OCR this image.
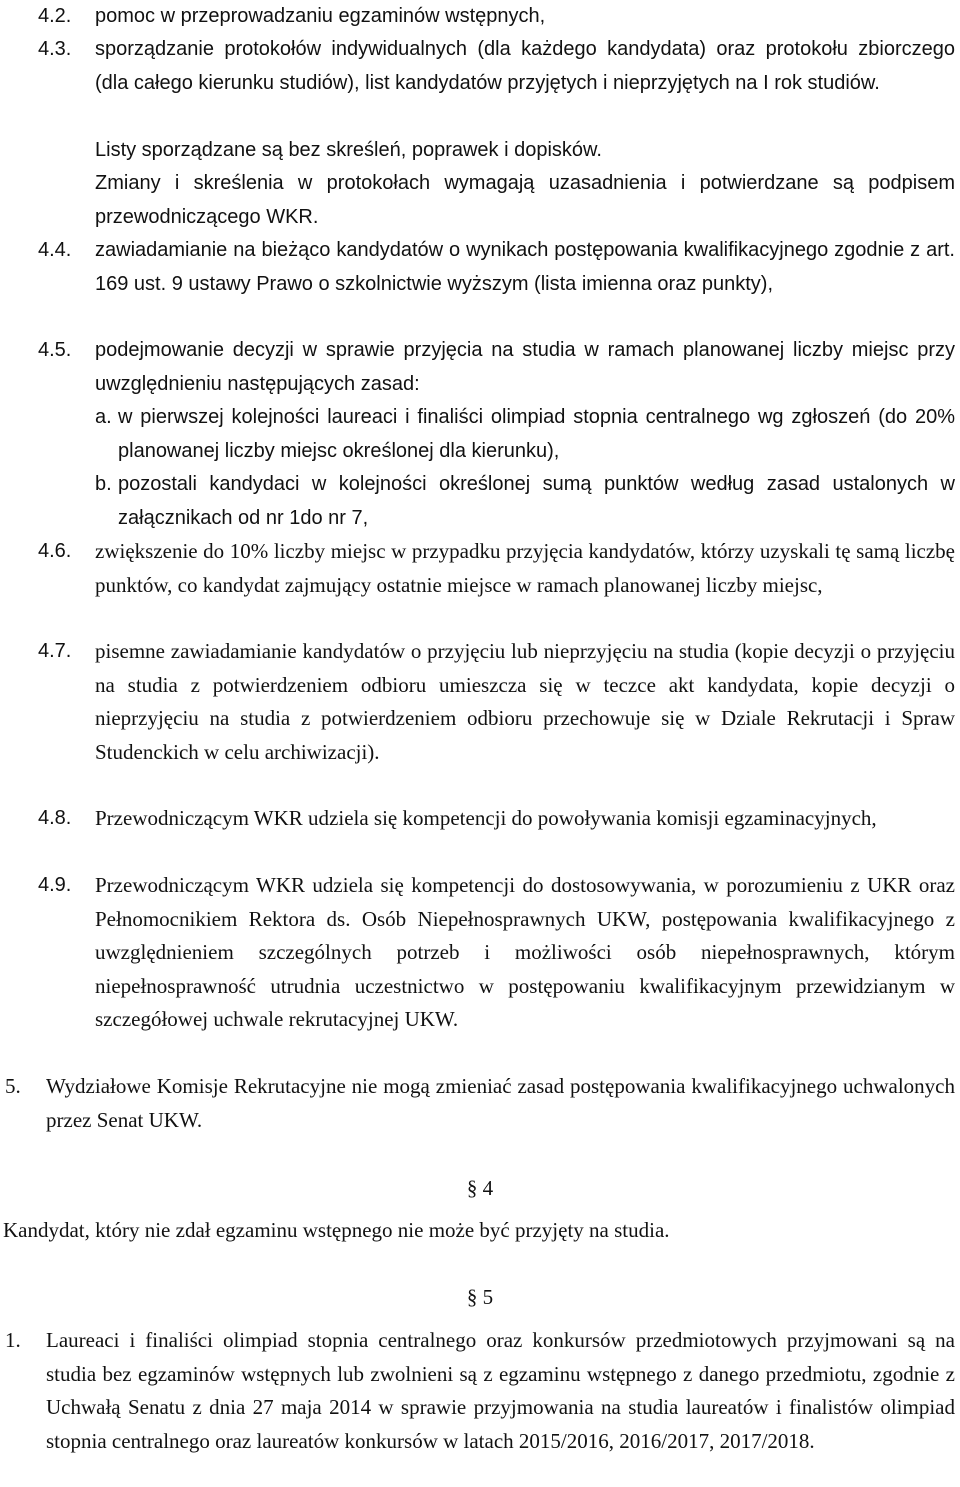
4.2. pomoc w przeprowadzaniu egzaminów wstępnych,
4.3. sporządzanie protokołów indywidualnych (dla każdego kandydata) oraz protokołu zbiorczego (dla całego kierunku studiów), list kandydatów przyjętych i nieprzyjętych na I rok studiów.
Listy sporządzane są bez skreśleń, poprawek i dopisków.
Zmiany i skreślenia w protokołach wymagają uzasadnienia i potwierdzane są podpisem przewodniczącego WKR.
4.4. zawiadamianie na bieżąco kandydatów o wynikach postępowania kwalifikacyjnego zgodnie z art. 169 ust. 9 ustawy Prawo o szkolnictwie wyższym (lista imienna oraz punkty),
4.5. podejmowanie decyzji w sprawie przyjęcia na studia w ramach planowanej liczby miejsc przy uwzględnieniu następujących zasad:
a. w pierwszej kolejności laureaci i finaliści olimpiad stopnia centralnego wg zgłoszeń (do 20% planowanej liczby miejsc określonej dla kierunku),
b. pozostali kandydaci w kolejności określonej sumą punktów według zasad ustalonych w załącznikach od nr 1do nr 7,
4.6. zwiększenie do 10% liczby miejsc w przypadku przyjęcia kandydatów, którzy uzyskali tę samą liczbę punktów, co kandydat zajmujący ostatnie miejsce w ramach planowanej liczby miejsc,
4.7. pisemne zawiadamianie kandydatów o przyjęciu lub nieprzyjęciu na studia (kopie decyzji o przyjęciu na studia z potwierdzeniem odbioru umieszcza się w teczce akt kandydata, kopie decyzji o nieprzyjęciu na studia z potwierdzeniem odbioru przechowuje się w Dziale Rekrutacji i Spraw Studenckich w celu archiwizacji).
4.8. Przewodniczącym WKR udziela się kompetencji do powoływania komisji egzaminacyjnych,
4.9. Przewodniczącym WKR udziela się kompetencji do dostosowywania, w porozumieniu z UKR oraz Pełnomocnikiem Rektora ds. Osób Niepełnosprawnych UKW, postępowania kwalifikacyjnego z uwzględnieniem szczególnych potrzeb i możliwości osób niepełnosprawnych, którym niepełnosprawność utrudnia uczestnictwo w postępowaniu kwalifikacyjnym przewidzianym w szczegółowej uchwale rekrutacyjnej UKW.
5. Wydziałowe Komisje Rekrutacyjne nie mogą zmieniać zasad postępowania kwalifikacyjnego uchwalonych przez Senat UKW.
§ 4
Kandydat, który nie zdał egzaminu wstępnego nie może być przyjęty na studia.
§ 5
1. Laureaci i finaliści olimpiad stopnia centralnego oraz konkursów przedmiotowych przyjmowani są na studia bez egzaminów wstępnych lub zwolnieni są z egzaminu wstępnego z danego przedmiotu, zgodnie z Uchwałą Senatu z dnia 27 maja 2014 w sprawie przyjmowania na studia laureatów i finalistów olimpiad stopnia centralnego oraz laureatów konkursów w latach 2015/2016, 2016/2017, 2017/2018.
